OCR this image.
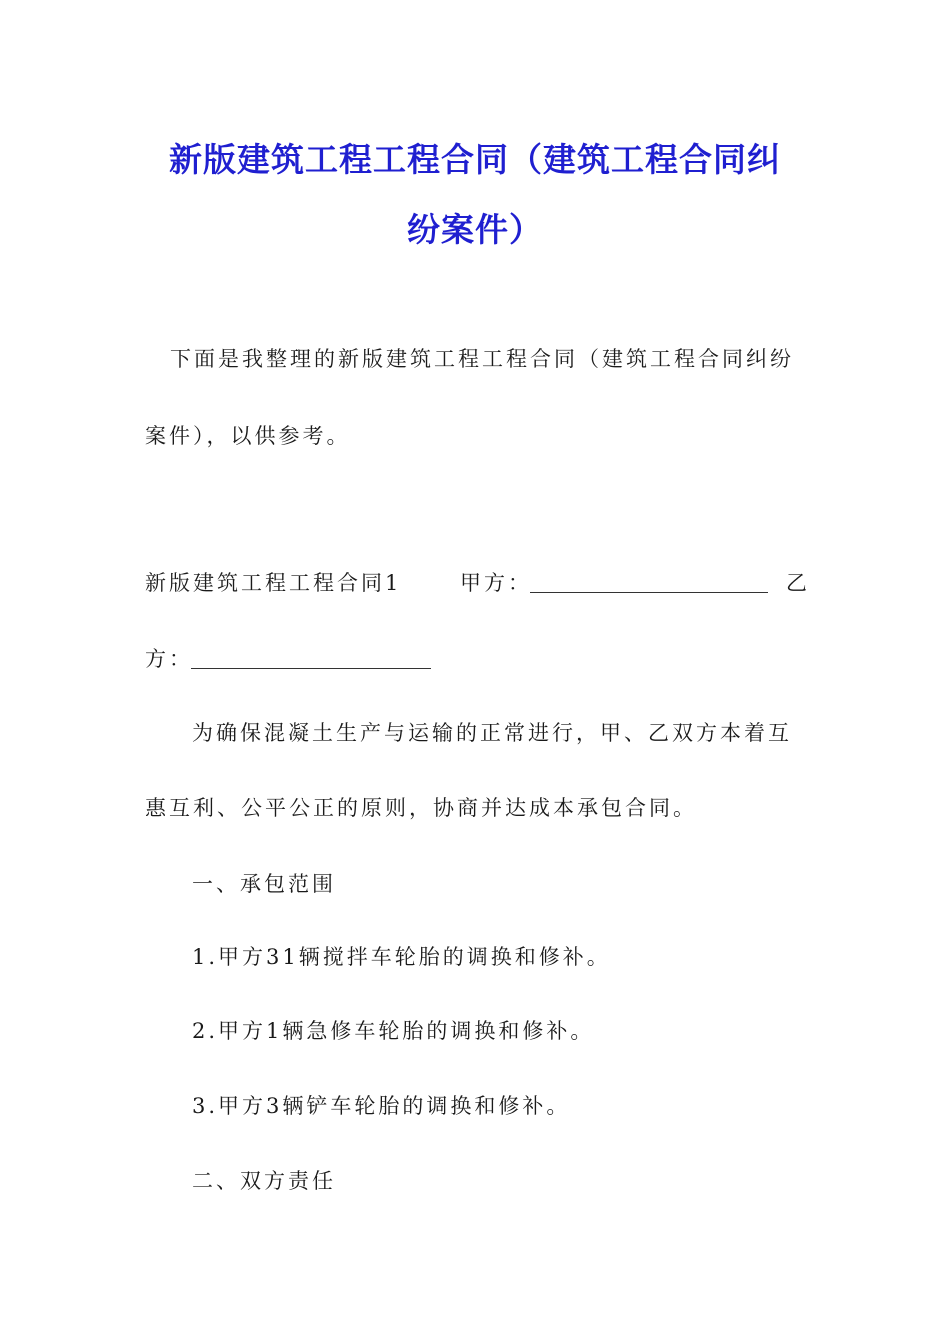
新版建筑工程工程合同（建筑工程合同纠
纷案件）
下面是我整理的新版建筑工程工程合同（建筑工程合同纠纷
案件），以供参考。
新版建筑工程工程合同1	甲方：	乙
方：
为确保混凝土生产与运输的正常进行，甲、乙双方本着互
惠互利、公平公正的原则，协商并达成本承包合同。
一、承包范围
1.甲方31辆搅拌车轮胎的调换和修补。
2.甲方1辆急修车轮胎的调换和修补。
3.甲方3辆铲车轮胎的调换和修补。
二、双方责任
